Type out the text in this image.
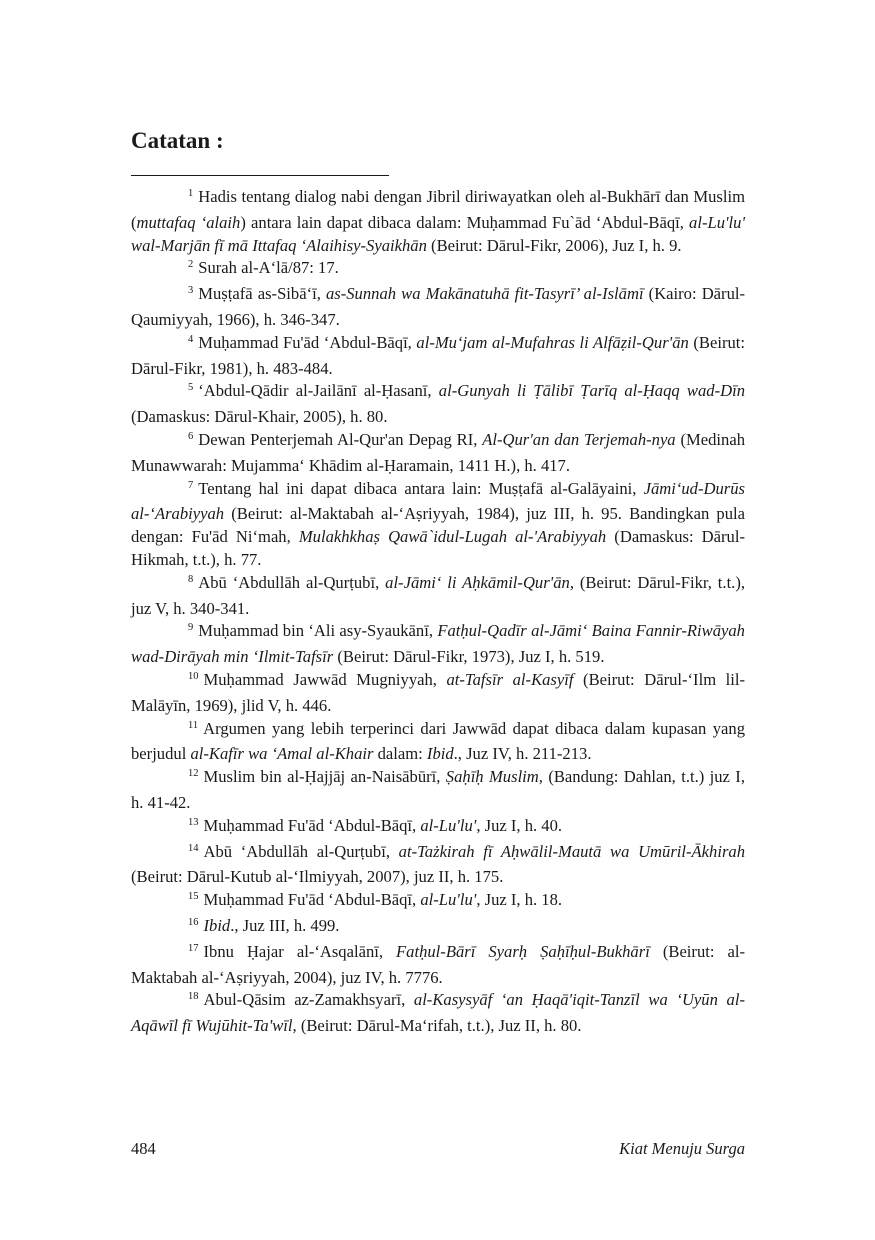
Catatan :

$^1$ Hadis tentang dialog nabi dengan Jibril diriwayatkan oleh al-Bukhārī dan Muslim (muttafaq ‘alaih) antara lain dapat dibaca dalam: Muḥammad Fu`ād ‘Abdul-Bāqī, al-Lu'lu' wal-Marjān fī mā Ittafaq ‘Alaihisy-Syaikhān (Beirut: Dārul-Fikr, 2006), Juz I, h. 9.

$^2$ Surah al-A‘lā/87: 17.

$^3$ Muṣṭafā as-Sibā‘ī, as-Sunnah wa Makānatuhā fit-Tasyrī’ al-Islāmī (Kairo: Dārul-Qaumiyyah, 1966), h. 346-347.

$^4$ Muḥammad Fu'ād ‘Abdul-Bāqī, al-Mu‘jam al-Mufahras li Alfāẓil-Qur'ān (Beirut: Dārul-Fikr, 1981), h. 483-484.

$^5$ ‘Abdul-Qādir al-Jailānī al-Ḥasanī, al-Gunyah li Ṭālibī Ṭarīq al-Ḥaqq wad-Dīn (Damaskus: Dārul-Khair, 2005), h. 80.

$^6$ Dewan Penterjemah Al-Qur'an Depag RI, Al-Qur'an dan Terjemah-nya (Medinah Munawwarah: Mujamma‘ Khādim al-Ḥaramain, 1411 H.), h. 417.

$^7$ Tentang hal ini dapat dibaca antara lain: Muṣṭafā al-Galāyaini, Jāmi‘ud-Durūs al-‘Arabiyyah (Beirut: al-Maktabah al-‘Aṣriyyah, 1984), juz III, h. 95. Bandingkan pula dengan: Fu'ād Ni‘mah, Mulakhkhaṣ Qawā`idul-Lugah al-'Arabiyyah (Damaskus: Dārul-Hikmah, t.t.), h. 77.

$^8$ Abū ‘Abdullāh al-Qurṭubī, al-Jāmi‘ li Aḥkāmil-Qur'ān, (Beirut: Dārul-Fikr, t.t.), juz V, h. 340-341.

$^9$ Muḥammad bin ‘Ali asy-Syaukānī, Fatḥul-Qadīr al-Jāmi‘ Baina Fannir-Riwāyah wad-Dirāyah min ‘Ilmit-Tafsīr (Beirut: Dārul-Fikr, 1973), Juz I, h. 519.

$^{10}$ Muḥammad Jawwād Mugniyyah, at-Tafsīr al-Kasyīf (Beirut: Dārul-‘Ilm lil-Malāyīn, 1969), jlid V, h. 446.

$^{11}$ Argumen yang lebih terperinci dari Jawwād dapat dibaca dalam kupasan yang berjudul al-Kafīr wa ‘Amal al-Khair dalam: Ibid., Juz IV, h. 211-213.

$^{12}$ Muslim bin al-Ḥajjāj an-Naisābūrī, Ṣaḥīḥ Muslim, (Bandung: Dahlan, t.t.) juz I, h. 41-42.

$^{13}$ Muḥammad Fu'ād ‘Abdul-Bāqī, al-Lu'lu', Juz I, h. 40.

$^{14}$ Abū ‘Abdullāh al-Qurṭubī, at-Tażkirah fī Aḥwālil-Mautā wa Umūril-Ākhirah (Beirut: Dārul-Kutub al-‘Ilmiyyah, 2007), juz II, h. 175.

$^{15}$ Muḥammad Fu'ād ‘Abdul-Bāqī, al-Lu'lu', Juz I, h. 18.

$^{16}$ Ibid., Juz III, h. 499.

$^{17}$ Ibnu Ḥajar al-‘Asqalānī, Fatḥul-Bārī Syarḥ Ṣaḥīḥul-Bukhārī (Beirut: al-Maktabah al-‘Aṣriyyah, 2004), juz IV, h. 7776.

$^{18}$ Abul-Qāsim az-Zamakhsyarī, al-Kasysyāf ‘an Ḥaqā'iqit-Tanzīl wa ‘Uyūn al-Aqāwīl fī Wujūhit-Ta'wīl, (Beirut: Dārul-Ma‘rifah, t.t.), Juz II, h. 80.

484	Kiat Menuju Surga
